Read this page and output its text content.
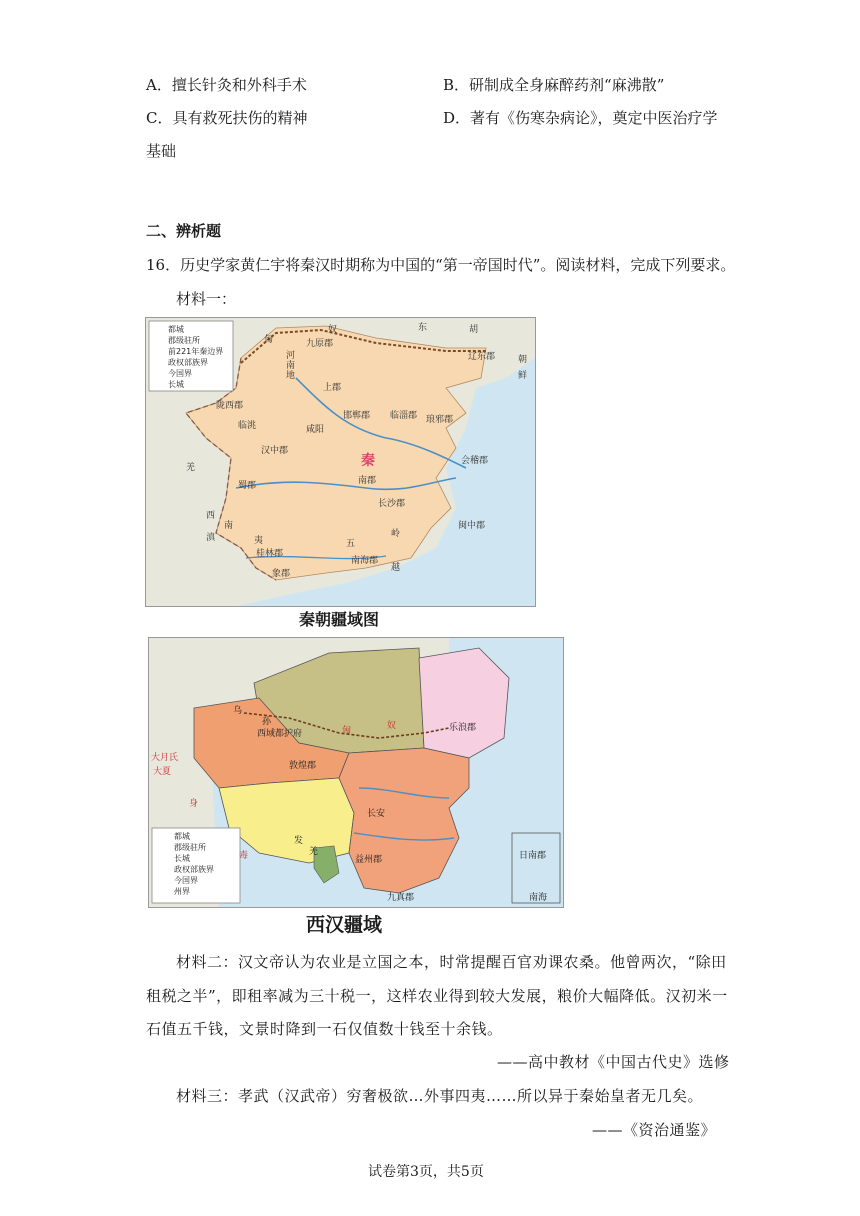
A．擅长针灸和外科手术	B．研制成全身麻醉药剂“麻沸散”
C．具有救死扶伤的精神	D．著有《伤寒杂病论》，奠定中医治疗学
基础
二、辨析题
16．历史学家黄仁宇将秦汉时期称为中国的“第一帝国时代”。阅读材料，完成下列要求。
材料一：
都城
郡级驻所
前221年秦边界
政权部族界
今国界
长城
匈
奴	东	胡
九原郡
辽东郡	朝
鲜
河
南
地
上郡
邯郸郡 临淄郡 琅邪郡
陇西郡
临洮	咸阳
汉中郡
羌
会稽郡
南郡
蜀郡
长沙郡
西
南
滇	夷
闽中郡
桂林郡
五
岭
南海郡
象郡
越
秦
秦朝疆域图
都城
郡级驻所
长城
政权部族界
今国界
州界
匈	奴
西域都护府
乌
孙
敦煌郡
大月氏
大夏
身
毒
乐浪郡
长安
发
羌
益州郡
九真郡
日南郡
南海
西汉疆域
材料二：汉文帝认为农业是立国之本，时常提醒百官劝课农桑。他曾两次，“除田
租税之半”，即租率减为三十税一，这样农业得到较大发展，粮价大幅降低。汉初米一
石值五千钱，文景时降到一石仅值数十钱至十余钱。
——高中教材《中国古代史》选修
材料三：孝武（汉武帝）穷奢极欲…外事四夷……所以异于秦始皇者无几矣。
——《资治通鉴》
试卷第3页，共5页
